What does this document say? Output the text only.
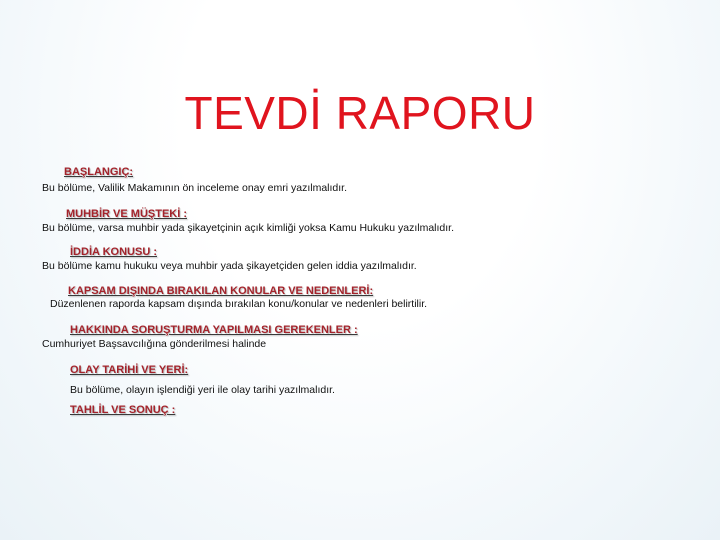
TEVDİ RAPORU
BAŞLANGIÇ:
Bu bölüme, Valilik Makamının ön inceleme onay emri yazılmalıdır.
MUHBİR VE MÜŞTEKİ :
Bu bölüme, varsa muhbir yada şikayetçinin açık kimliği yoksa Kamu Hukuku yazılmalıdır.
İDDİA KONUSU :
Bu bölüme kamu hukuku veya muhbir yada şikayetçiden gelen iddia yazılmalıdır.
KAPSAM DIŞINDA BIRAKILAN KONULAR VE NEDENLERİ:
Düzenlenen raporda kapsam dışında bırakılan konu/konular ve nedenleri belirtilir.
HAKKINDA SORUŞTURMA YAPILMASI GEREKENLER :
Cumhuriyet Başsavcılığına gönderilmesi halinde
OLAY TARİHİ VE YERİ:
Bu bölüme, olayın işlendiği yeri ile olay tarihi yazılmalıdır.
TAHLİL VE SONUÇ :
